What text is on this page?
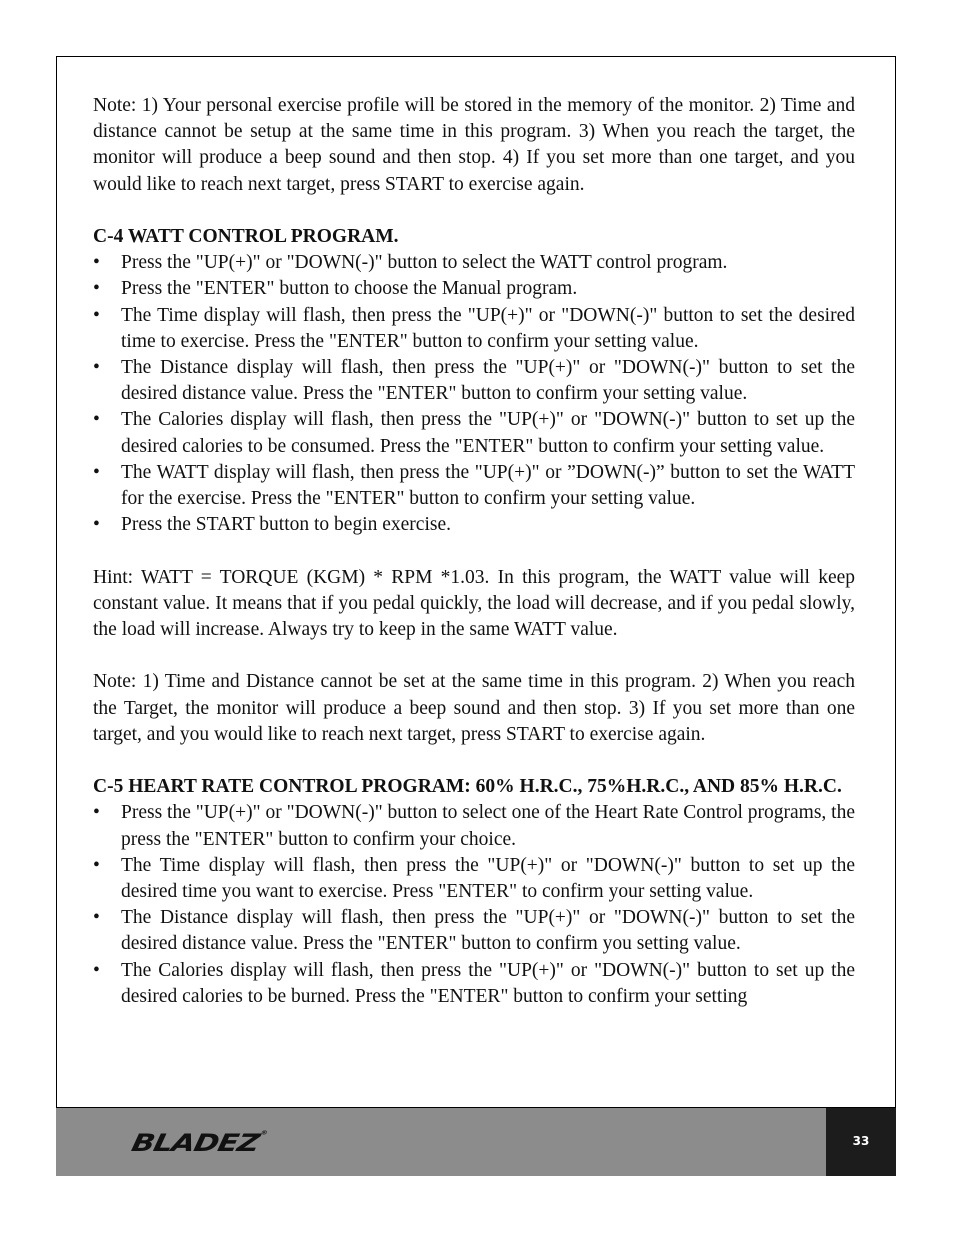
Note: 1) Your personal exercise profile will be stored in the memory of the monitor. 2) Time and distance cannot be setup at the same time in this program. 3) When you reach the target, the monitor will produce a beep sound and then stop. 4) If you set more than one target, and you would like to reach next target, press START to exercise again.

C-4 WATT CONTROL PROGRAM.

• Press the "UP(+)" or "DOWN(-)" button to select the WATT control program.
• Press the "ENTER" button to choose the Manual program.
• The Time display will flash, then press the "UP(+)" or "DOWN(-)" button to set the desired time to exercise. Press the "ENTER" button to confirm your setting value.
• The Distance display will flash, then press the "UP(+)" or "DOWN(-)" button to set the desired distance value. Press the "ENTER" button to confirm your setting value.
• The Calories display will flash, then press the "UP(+)" or "DOWN(-)" button to set up the desired calories to be consumed. Press the "ENTER" button to confirm your setting value.
• The WATT display will flash, then press the "UP(+)" or ”DOWN(-)” button to set the WATT for the exercise. Press the "ENTER" button to confirm your setting value.
• Press the START button to begin exercise.

Hint: WATT = TORQUE (KGM) * RPM *1.03. In this program, the WATT value will keep constant value. It means that if you pedal quickly, the load will decrease, and if you pedal slowly, the load will increase. Always try to keep in the same WATT value.

Note: 1) Time and Distance cannot be set at the same time in this program. 2) When you reach the Target, the monitor will produce a beep sound and then stop. 3) If you set more than one target, and you would like to reach next target, press START to exercise again.

C-5 HEART RATE CONTROL PROGRAM: 60% H.R.C., 75%H.R.C., AND 85% H.R.C.

• Press the "UP(+)" or "DOWN(-)" button to select one of the Heart Rate Control programs, the press the "ENTER" button to confirm your choice.
• The Time display will flash, then press the "UP(+)" or "DOWN(-)" button to set up the desired time you want to exercise. Press "ENTER" to confirm your setting value.
• The Distance display will flash, then press the "UP(+)" or "DOWN(-)" button to set the desired distance value. Press the "ENTER" button to confirm you setting value.
• The Calories display will flash, then press the "UP(+)" or "DOWN(-)" button to set up the desired calories to be burned. Press the "ENTER" button to confirm your setting
BLADEZ®
33
